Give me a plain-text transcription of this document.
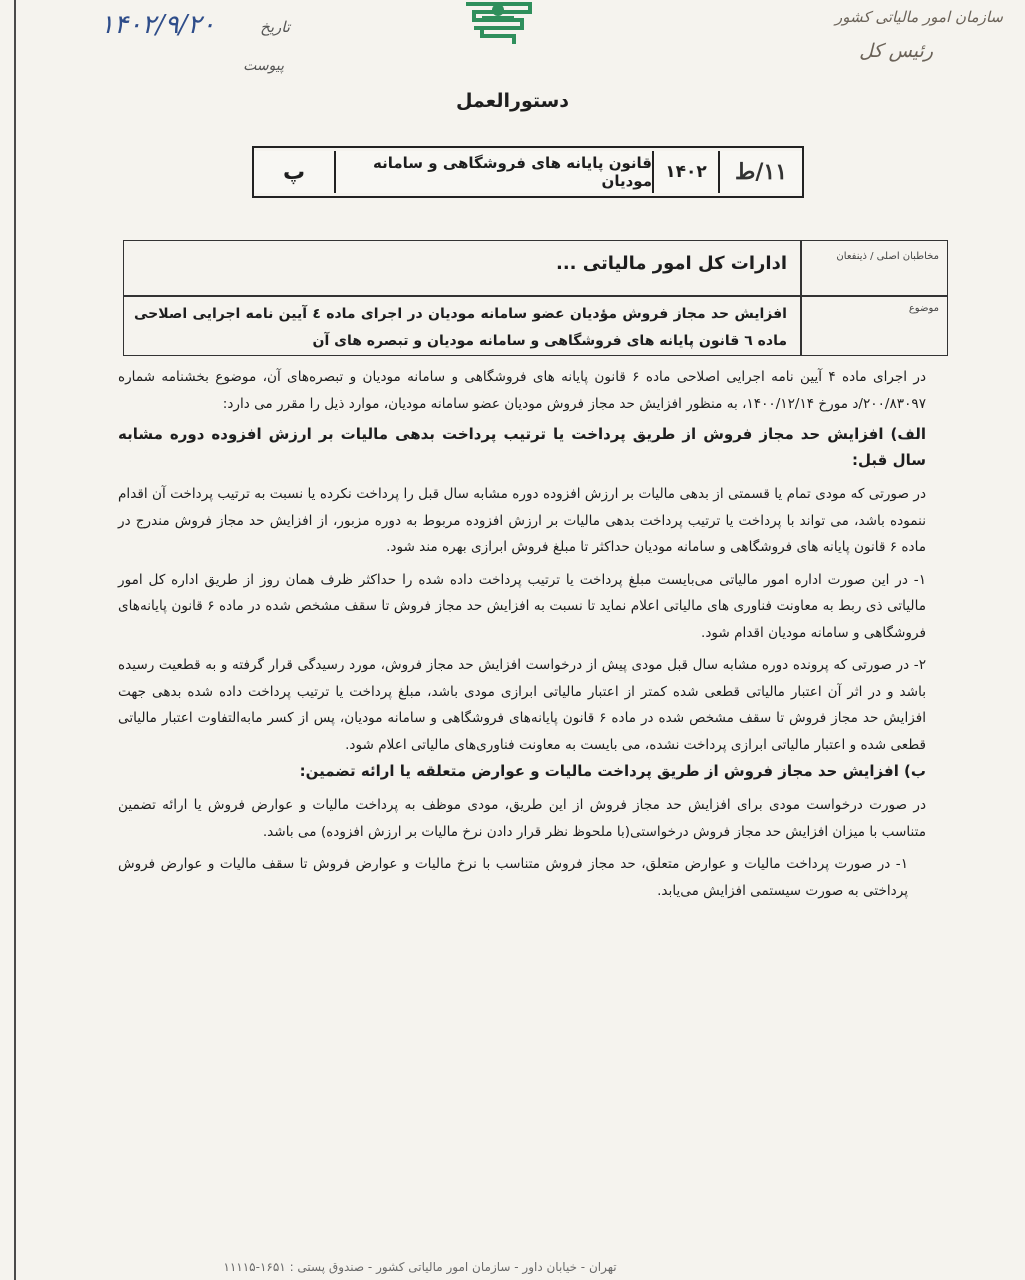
سازمان امور مالیاتی کشور
رئیس کل
تاریخ
۱۴۰۲/۹/۲۰
پیوست
دستورالعمل
۱۱/ط
۱۴۰۲
قانون پایانه های فروشگاهی و سامانه مودیان
پ
مخاطبان اصلی / ذینفعان
موضوع
ادارات کل امور مالیاتی ...
افزایش حد مجاز فروش مؤدیان عضو سامانه مودیان در اجرای ماده ٤ آیین نامه اجرایی اصلاحی ماده ٦ قانون پایانه های فروشگاهی و سامانه مودیان و تبصره های آن

در اجرای ماده ۴ آیین نامه اجرایی اصلاحی ماده ۶ قانون پایانه های فروشگاهی و سامانه مودیان و تبصره‌های آن، موضوع بخشنامه شماره ۲۰۰/۸۳۰۹۷/د مورخ ۱۴۰۰/۱۲/۱۴، به منظور افزایش حد مجاز فروش مودیان عضو سامانه مودیان، موارد ذیل را مقرر می دارد:

الف) افزایش حد مجاز فروش از طریق پرداخت یا ترتیب پرداخت بدهی مالیات بر ارزش افزوده دوره مشابه سال قبل:

در صورتی که مودی تمام یا قسمتی از بدهی مالیات بر ارزش افزوده دوره مشابه سال قبل را پرداخت نکرده یا نسبت به ترتیب پرداخت آن اقدام ننموده باشد، می تواند با پرداخت یا ترتیب پرداخت بدهی مالیات بر ارزش افزوده مربوط به دوره مزبور، از افزایش حد مجاز فروش مندرج در ماده ۶ قانون پایانه های فروشگاهی و سامانه مودیان حداکثر تا مبلغ فروش ابرازی بهره مند شود.

۱- در این صورت اداره امور مالیاتی می‌بایست مبلغ پرداخت یا ترتیب پرداخت داده شده را حداکثر ظرف همان روز از طریق اداره کل امور مالیاتی ذی ربط به معاونت فناوری های مالیاتی اعلام نماید تا نسبت به افزایش حد مجاز فروش تا سقف مشخص شده در ماده ۶ قانون پایانه‌های فروشگاهی و سامانه مودیان اقدام شود.

۲- در صورتی که پرونده دوره مشابه سال قبل مودی پیش از درخواست افزایش حد مجاز فروش، مورد رسیدگی قرار گرفته و به قطعیت رسیده باشد و در اثر آن اعتبار مالیاتی قطعی شده کمتر از اعتبار مالیاتی ابرازی مودی باشد، مبلغ پرداخت یا ترتیب پرداخت داده شده بدهی جهت افزایش حد مجاز فروش تا سقف مشخص شده در ماده ۶ قانون پایانه‌های فروشگاهی و سامانه مودیان، پس از کسر مابه‌التفاوت اعتبار مالیاتی قطعی شده و اعتبار مالیاتی ابرازی پرداخت نشده، می بایست به معاونت فناوری‌های مالیاتی اعلام شود.

ب) افزایش حد مجاز فروش از طریق پرداخت مالیات و عوارض متعلقه یا ارائه تضمین:

در صورت درخواست مودی برای افزایش حد مجاز فروش از این طریق، مودی موظف به پرداخت مالیات و عوارض فروش یا ارائه تضمین متناسب با میزان افزایش حد مجاز فروش درخواستی(با ملحوظ نظر قرار دادن نرخ مالیات بر ارزش افزوده) می باشد.

۱- در صورت پرداخت مالیات و عوارض متعلق، حد مجاز فروش متناسب با نرخ مالیات و عوارض فروش تا سقف مالیات و عوارض فروش پرداختی به صورت سیستمی افزایش می‌یابد.

تهران - خیابان داور - سازمان امور مالیاتی کشور - صندوق پستی : ۱۶۵۱-۱۱۱۱۵
